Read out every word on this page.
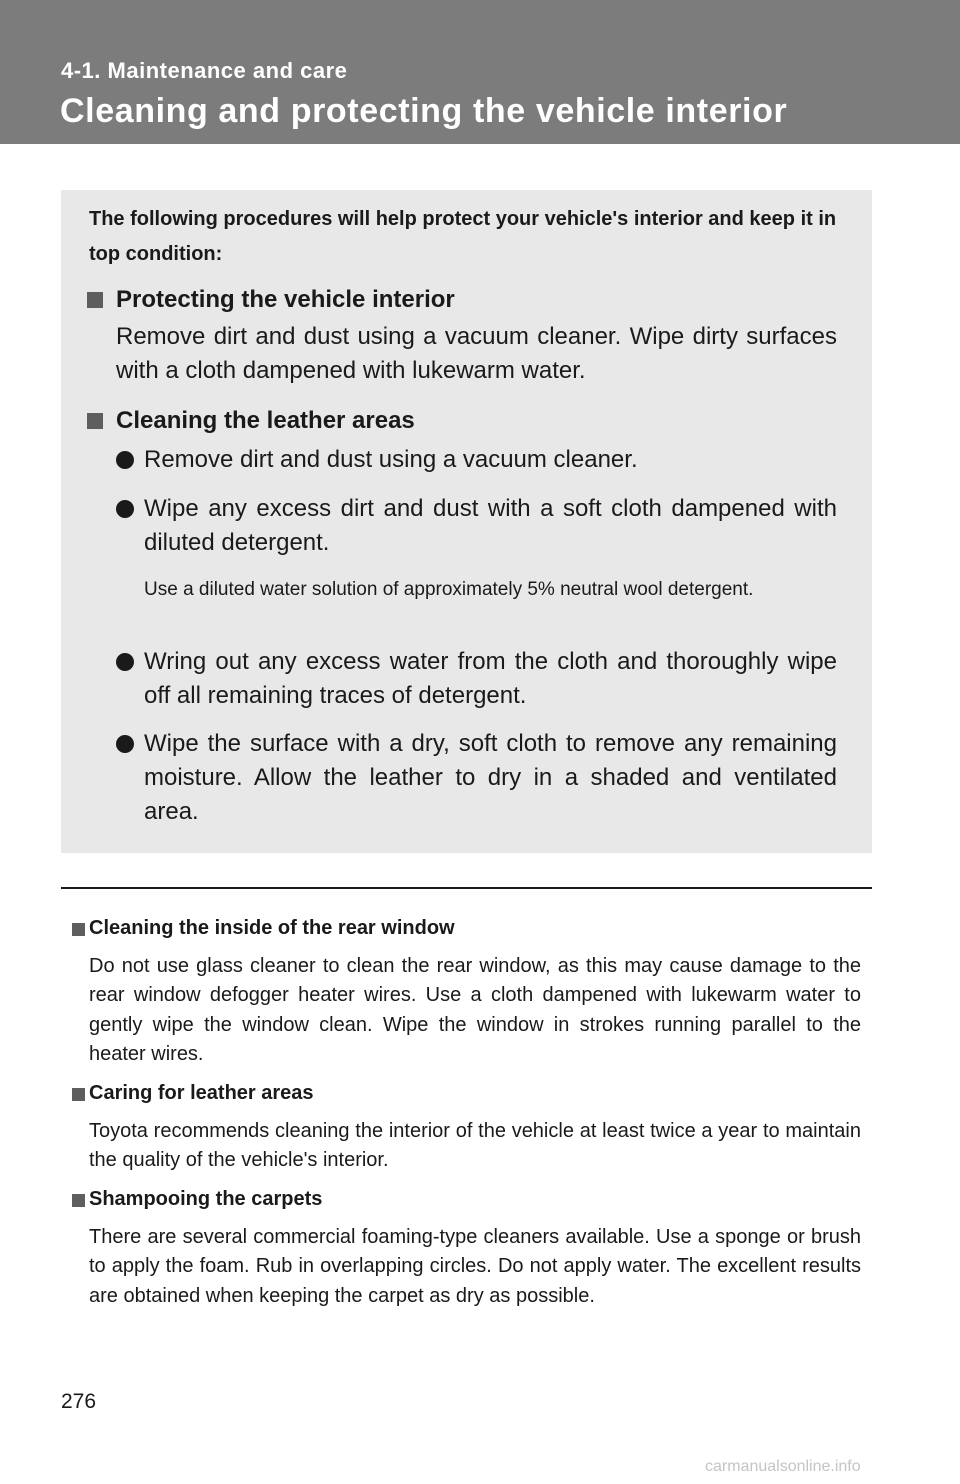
4-1. Maintenance and care
Cleaning and protecting the vehicle interior
The following procedures will help protect your vehicle's interior and keep it in top condition:
Protecting the vehicle interior
Remove dirt and dust using a vacuum cleaner. Wipe dirty surfaces with a cloth dampened with lukewarm water.
Cleaning the leather areas
Remove dirt and dust using a vacuum cleaner.
Wipe any excess dirt and dust with a soft cloth dampened with diluted detergent.
Use a diluted water solution of approximately 5% neutral wool detergent.
Wring out any excess water from the cloth and thoroughly wipe off all remaining traces of detergent.
Wipe the surface with a dry, soft cloth to remove any remaining moisture. Allow the leather to dry in a shaded and ventilated area.
Cleaning the inside of the rear window
Do not use glass cleaner to clean the rear window, as this may cause damage to the rear window defogger heater wires. Use a cloth dampened with lukewarm water to gently wipe the window clean. Wipe the window in strokes running parallel to the heater wires.
Caring for leather areas
Toyota recommends cleaning the interior of the vehicle at least twice a year to maintain the quality of the vehicle's interior.
Shampooing the carpets
There are several commercial foaming-type cleaners available. Use a sponge or brush to apply the foam. Rub in overlapping circles. Do not apply water. The excellent results are obtained when keeping the carpet as dry as possible.
276
carmanualsonline.info
